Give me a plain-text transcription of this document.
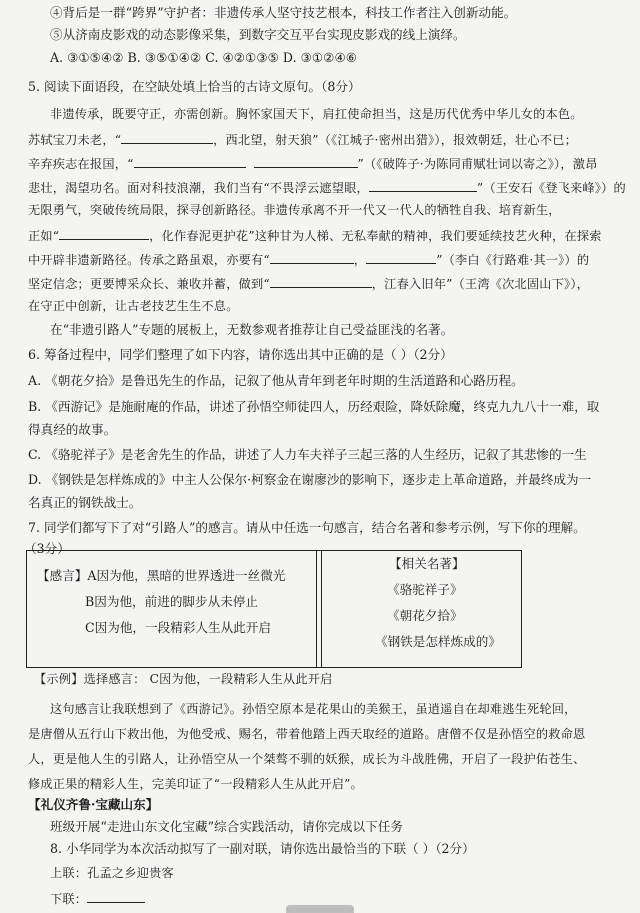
④背后是一群“跨界”守护者：非遗传承人坚守技艺根本，科技工作者注入创新动能。
⑤从济南皮影戏的动态影像采集，到数字交互平台实现皮影戏的线上演绎。
A. ③①⑤④② B. ③⑤①④② C. ④②①③⑤ D. ③①②④⑥
5. 阅读下面语段，在空缺处填上恰当的古诗文原句。（8分）
非遗传承，既要守正，亦需创新。胸怀家国天下，肩扛使命担当，这是历代优秀中华儿女的本色。
苏轼宝刀未老，“	，西北望，射天狼”（《江城子·密州出猎》），报效朝廷，壮心不已；
辛弃疾志在报国，“	”（《破阵子·为陈同甫赋壮词以寄之》），激昂
悲壮，渴望功名。面对科技浪潮，我们当有“不畏浮云遮望眼，	”（王安石《登飞来峰》）的
无限勇气，突破传统局限，探寻创新路径。非遗传承离不开一代又一代人的牺牲自我、培育新生，
正如“	，化作春泥更护花”这种甘为人梯、无私奉献的精神，我们要延续技艺火种，在探索
中开辟非遗新路径。传承之路虽艰，亦要有“	，	”（李白《行路难·其一》）的
坚定信念；更要博采众长、兼收并蓄，做到“	，江春入旧年”（王湾《次北固山下》），
在守正中创新，让古老技艺生生不息。
在“非遗引路人”专题的展板上，无数参观者推荐让自己受益匪浅的名著。
6. 筹备过程中，同学们整理了如下内容，请你选出其中正确的是（ ）（2分）
A. 《朝花夕拾》是鲁迅先生的作品，记叙了他从青年到老年时期的生活道路和心路历程。
B. 《西游记》是施耐庵的作品，讲述了孙悟空师徒四人，历经艰险，降妖除魔，终克九九八十一难，取
得真经的故事。
C. 《骆驼祥子》是老舍先生的作品，讲述了人力车夫祥子三起三落的人生经历，记叙了其悲惨的一生
D. 《钢铁是怎样炼成的》中主人公保尔·柯察金在谢廖沙的影响下，逐步走上革命道路，并最终成为一
名真正的钢铁战士。
7. 同学们都写下了对“引路人”的感言。请从中任选一句感言，结合名著和参考示例，写下你的理解。
（3分）
【感言】A因为他，黑暗的世界透进一丝微光
B因为他，前进的脚步从未停止
C因为他，一段精彩人生从此开启
【相关名著】
《骆驼祥子》
《朝花夕拾》
《钢铁是怎样炼成的》
【示例】选择感言： C因为他，一段精彩人生从此开启
这句感言让我联想到了《西游记》。孙悟空原本是花果山的美猴王，虽逍遥自在却难逃生死轮回，
是唐僧从五行山下救出他，为他受戒、赐名，带着他踏上西天取经的道路。唐僧不仅是孙悟空的救命恩
人，更是他人生的引路人，让孙悟空从一个桀骜不驯的妖猴，成长为斗战胜佛，开启了一段护佑苍生、
修成正果的精彩人生，完美印证了“一段精彩人生从此开启”。
【礼仪齐鲁·宝藏山东】
班级开展“走进山东文化宝藏”综合实践活动，请你完成以下任务
8. 小华同学为本次活动拟写了一副对联，请你选出最恰当的下联（ ）（2分）
上联：孔孟之乡迎贵客
下联：
